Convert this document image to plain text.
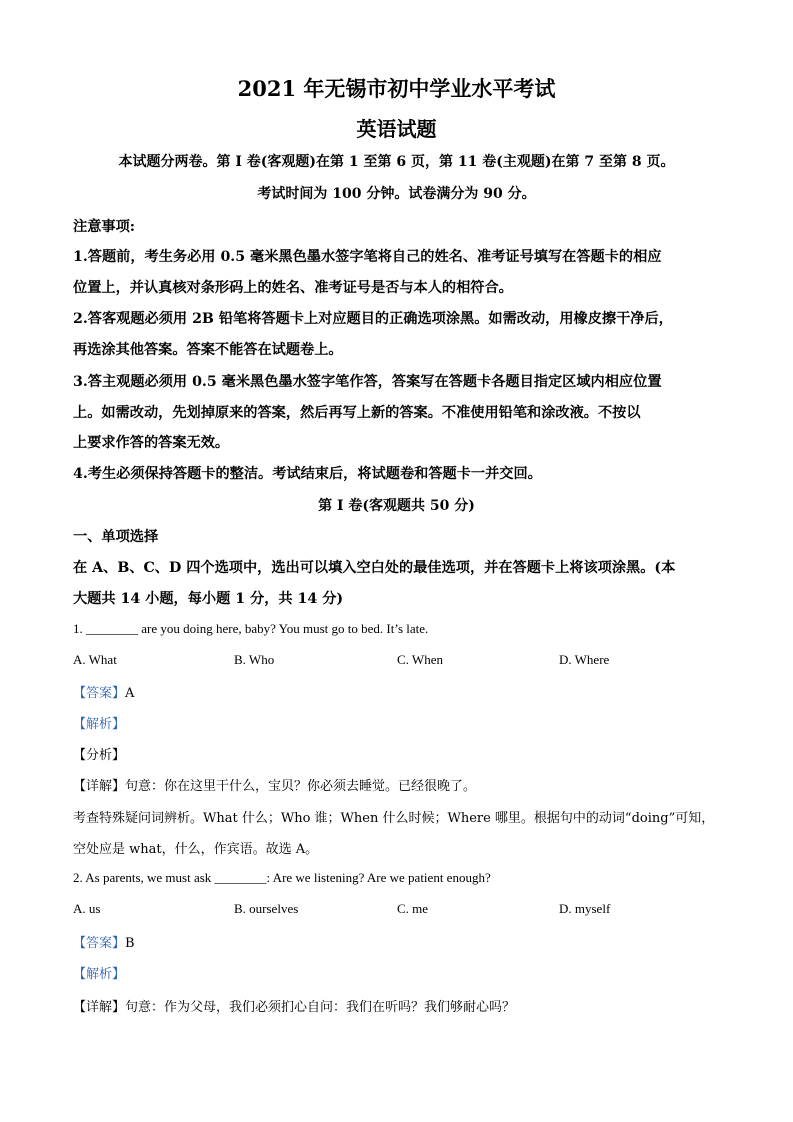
2021 年无锡市初中学业水平考试
英语试题
本试题分两卷。第 I 卷(客观题)在第 1 至第 6 页，第 11 卷(主观题)在第 7 至第 8 页。
考试时间为 100 分钟。试卷满分为 90 分。
注意事项:
1.答题前，考生务必用 0.5 毫米黑色墨水签字笔将自己的姓名、准考证号填写在答题卡的相应
位置上，并认真核对条形码上的姓名、准考证号是否与本人的相符合。
2.答客观题必须用 2B 铅笔将答题卡上对应题目的正确选项涂黑。如需改动，用橡皮擦干净后，
再选涂其他答案。答案不能答在试题卷上。
3.答主观题必须用 0.5 毫米黑色墨水签字笔作答，答案写在答题卡各题目指定区域内相应位置
上。如需改动，先划掉原来的答案，然后再写上新的答案。不准使用铅笔和涂改液。不按以
上要求作答的答案无效。
4.考生必须保持答题卡的整洁。考试结束后，将试题卷和答题卡一并交回。
第 I 卷(客观题共 50 分)
一、单项选择
在 A、B、C、D 四个选项中，选出可以填入空白处的最佳选项，并在答题卡上将该项涂黑。(本
大题共 14 小题，每小题 1 分，共 14 分)
1. ________ are you doing here, baby? You must go to bed. It’s late.
A. What	B. Who	C. When	D. Where
【答案】A
【解析】
【分析】
【详解】句意：你在这里干什么，宝贝？你必须去睡觉。已经很晚了。
考查特殊疑问词辨析。What 什么；Who 谁；When 什么时候；Where 哪里。根据句中的动词“doing”可知，
空处应是 what，什么，作宾语。故选 A。
2. As parents, we must ask ________: Are we listening? Are we patient enough?
A. us	B. ourselves	C. me	D. myself
【答案】B
【解析】
【详解】句意：作为父母，我们必须扪心自问：我们在听吗？我们够耐心吗？
